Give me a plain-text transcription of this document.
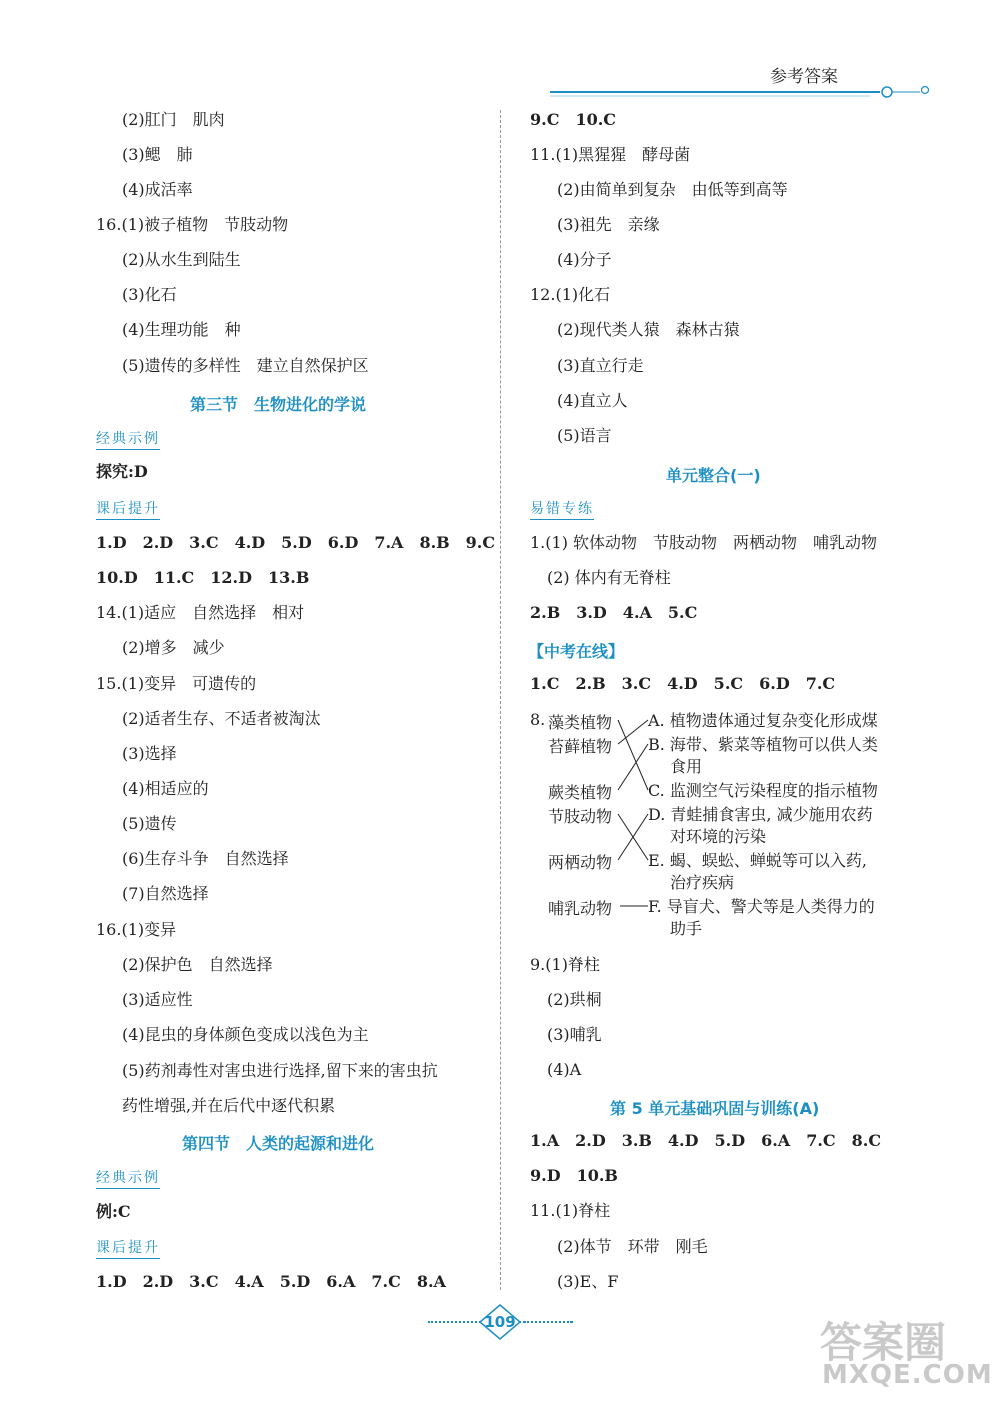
参考答案
(2)肛门　肌肉
(3)鳃　肺
(4)成活率
16.(1)被子植物　节肢动物
(2)从水生到陆生
(3)化石
(4)生理功能　种
(5)遗传的多样性　建立自然保护区
第三节　生物进化的学说
经典示例
探究:D
课后提升
1.D　2.D　3.C　4.D　5.D　6.D　7.A　8.B　9.C
10.D　11.C　12.D　13.B
14.(1)适应　自然选择　相对
(2)增多　减少
15.(1)变异　可遗传的
(2)适者生存、不适者被淘汰
(3)选择
(4)相适应的
(5)遗传
(6)生存斗争　自然选择
(7)自然选择
16.(1)变异
(2)保护色　自然选择
(3)适应性
(4)昆虫的身体颜色变成以浅色为主
(5)药剂毒性对害虫进行选择,留下来的害虫抗
药性增强,并在后代中逐代积累
第四节　人类的起源和进化
经典示例
例:C
课后提升
1.D　2.D　3.C　4.A　5.D　6.A　7.C　8.A
9.C　10.C
11.(1)黑猩猩　酵母菌
(2)由简单到复杂　由低等到高等
(3)祖先　亲缘
(4)分子
12.(1)化石
(2)现代类人猿　森林古猿
(3)直立行走
(4)直立人
(5)语言
单元整合(一)
易错专练
1.(1) 软体动物　节肢动物　两栖动物　哺乳动物
(2) 体内有无脊柱
2.B　3.D　4.A　5.C
【中考在线】
1.C　2.B　3.C　4.D　5.C　6.D　7.C
8. 藻类植物
苔藓植物
蕨类植物
节肢动物
两栖动物
哺乳动物
A. 植物遗体通过复杂变化形成煤
B. 海带、紫菜等植物可以供人类
食用
C. 监测空气污染程度的指示植物
D. 青蛙捕食害虫, 减少施用农药
对环境的污染
E. 蝎、蜈蚣、蝉蜕等可以入药,
治疗疾病
F. 导盲犬、警犬等是人类得力的
助手
9.(1)脊柱
(2)珙桐
(3)哺乳
(4)A
第 5 单元基础巩固与训练(A)
1.A　2.D　3.B　4.D　5.D　6.A　7.C　8.C
9.D　10.B
11.(1)脊柱
(2)体节　环带　刚毛
(3)E、F
109	答案圈
MXQE.COM
